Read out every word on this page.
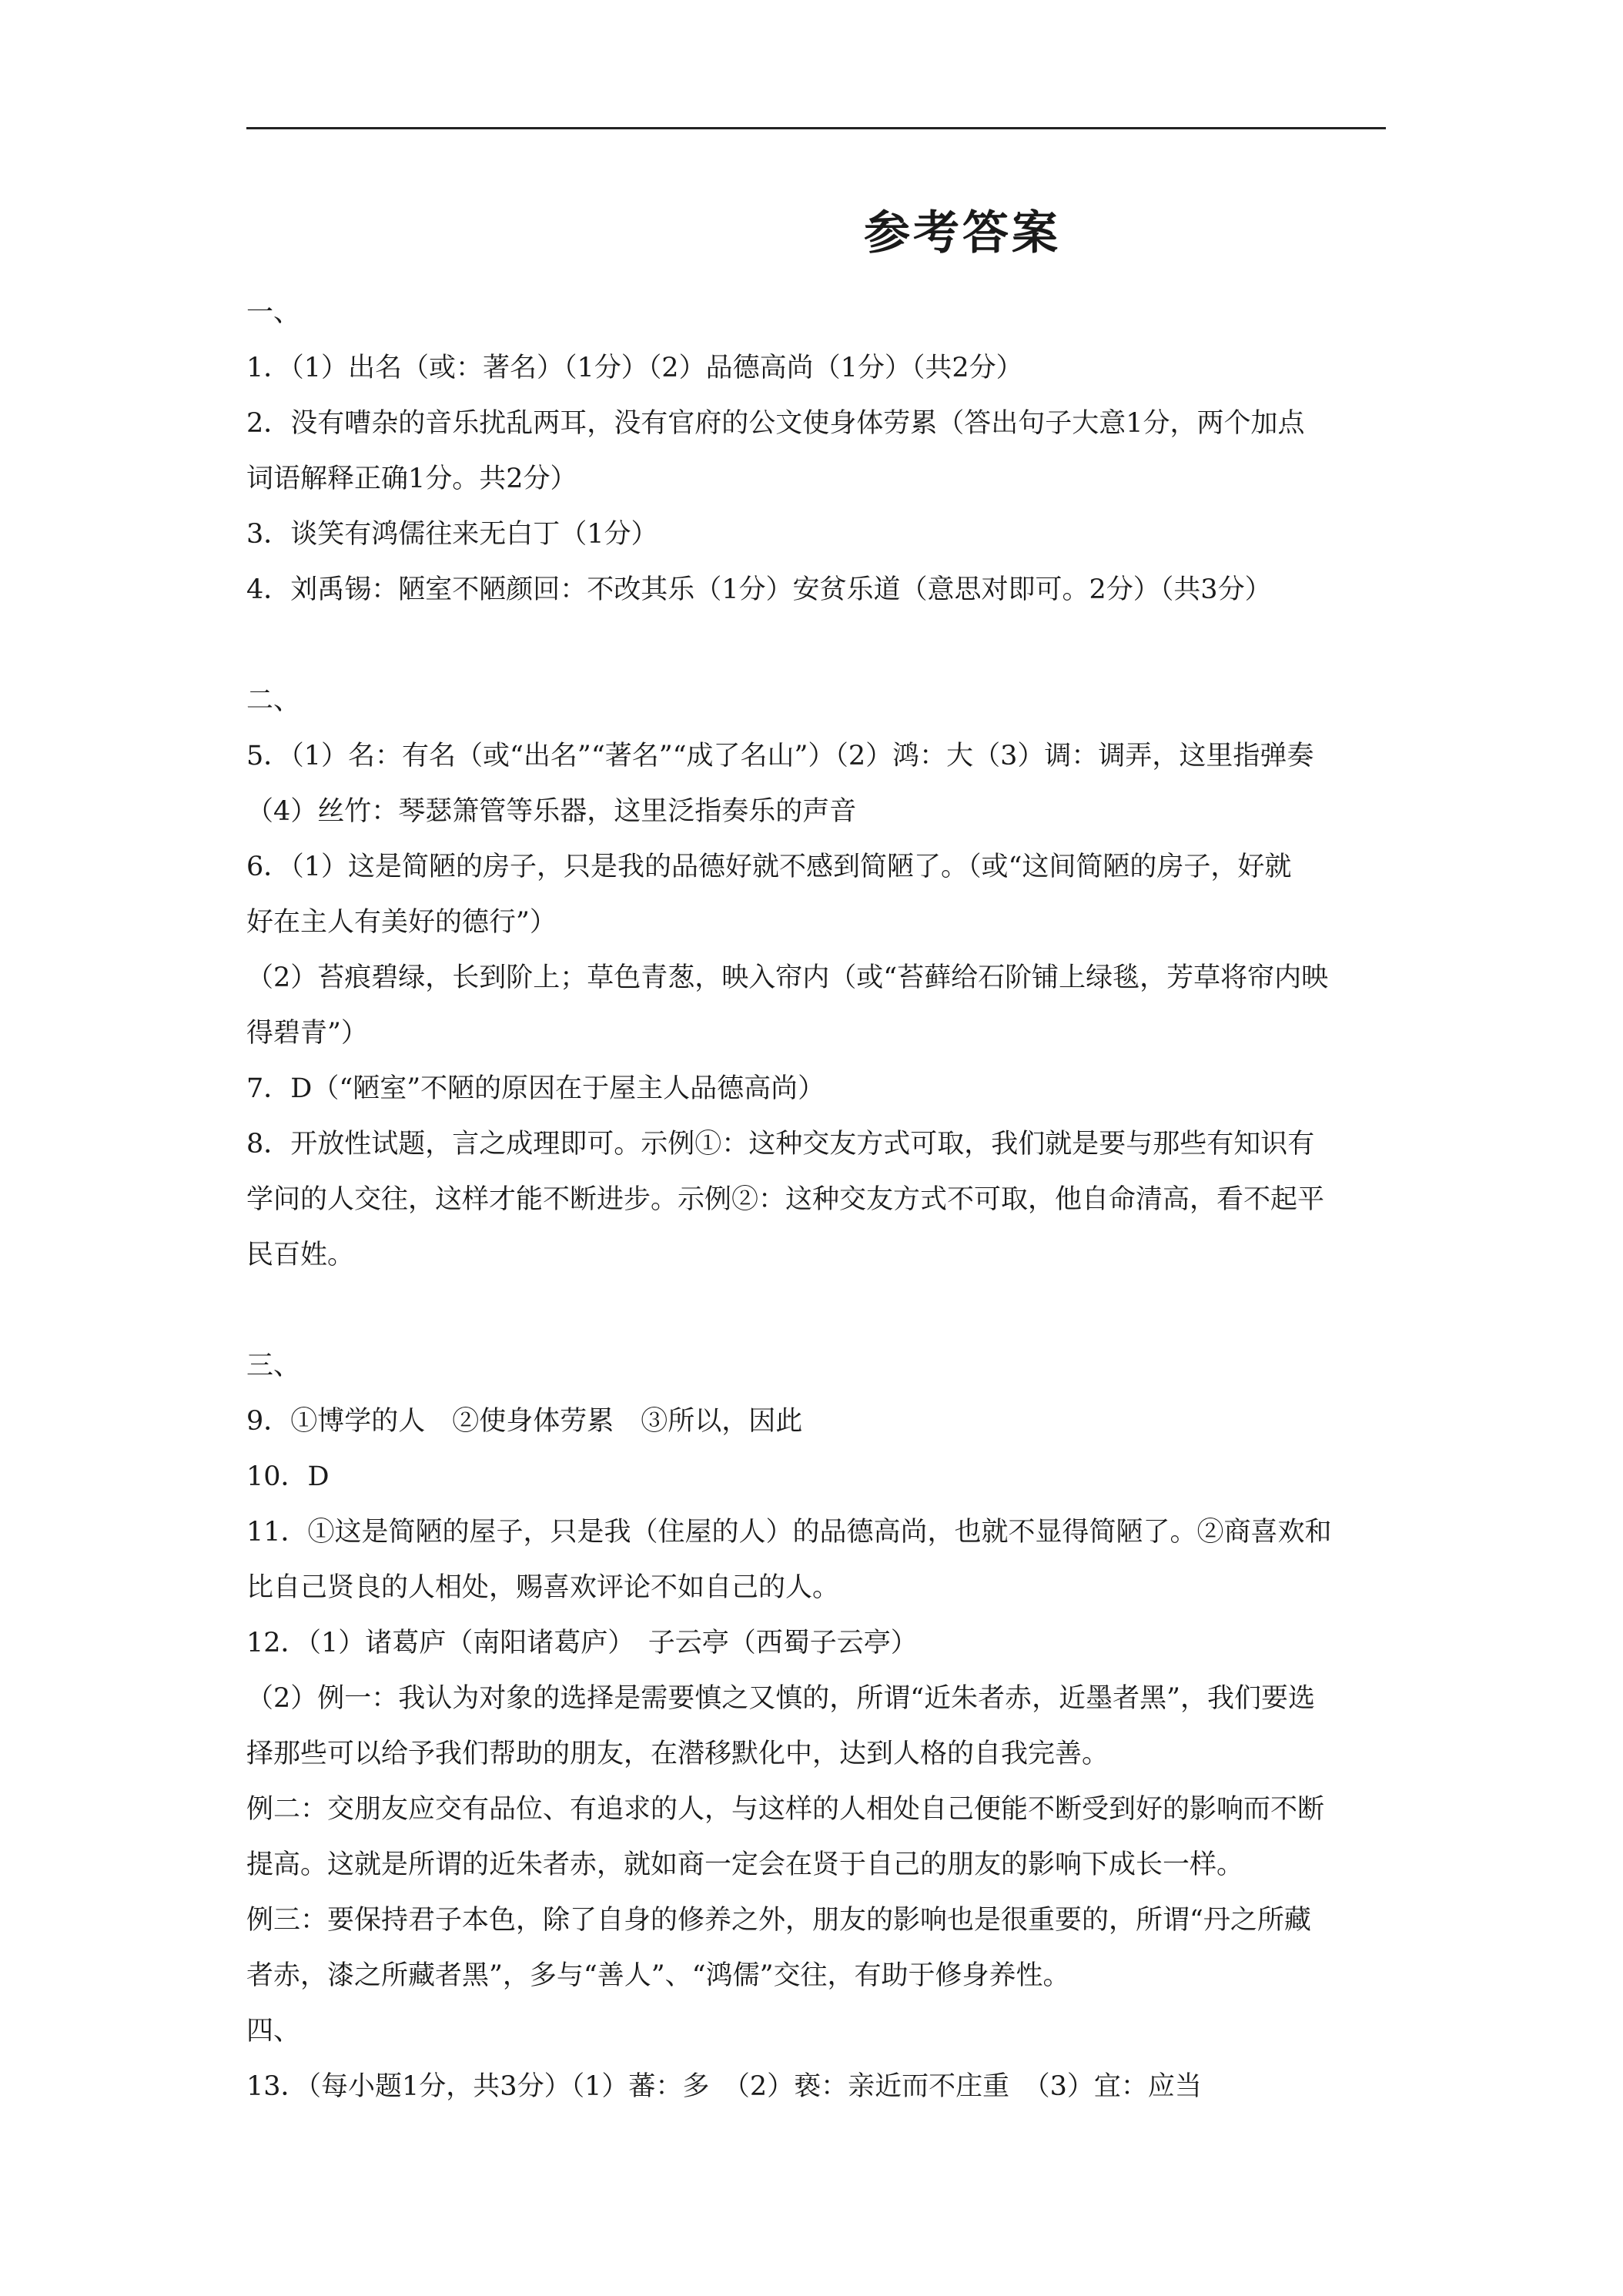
参考答案

一、

1．（1）出名（或：著名）（1分）（2）品德高尚（1分）（共2分）

2．没有嘈杂的音乐扰乱两耳，没有官府的公文使身体劳累（答出句子大意1分，两个加点

词语解释正确1分。共2分）

3．谈笑有鸿儒往来无白丁（1分）

4．刘禹锡：陋室不陋颜回：不改其乐（1分）安贫乐道（意思对即可。2分）（共3分）

二、

5．（1）名：有名（或“出名”“著名”“成了名山”）（2）鸿：大（3）调：调弄，这里指弹奏

（4）丝竹：琴瑟箫管等乐器，这里泛指奏乐的声音

6．（1）这是简陋的房子，只是我的品德好就不感到简陋了。（或“这间简陋的房子，好就

好在主人有美好的德行”）

（2）苔痕碧绿，长到阶上；草色青葱，映入帘内（或“苔藓给石阶铺上绿毯，芳草将帘内映

得碧青”）

7．D（“陋室”不陋的原因在于屋主人品德高尚）

8．开放性试题，言之成理即可。示例①：这种交友方式可取，我们就是要与那些有知识有

学问的人交往，这样才能不断进步。示例②：这种交友方式不可取，他自命清高，看不起平

民百姓。

三、

9．①博学的人　②使身体劳累　③所以，因此

10．D

11．①这是简陋的屋子，只是我（住屋的人）的品德高尚，也就不显得简陋了。②商喜欢和

比自己贤良的人相处，赐喜欢评论不如自己的人。

12．（1）诸葛庐（南阳诸葛庐）　子云亭（西蜀子云亭）

（2）例一：我认为对象的选择是需要慎之又慎的，所谓“近朱者赤，近墨者黑”，我们要选

择那些可以给予我们帮助的朋友，在潜移默化中，达到人格的自我完善。

例二：交朋友应交有品位、有追求的人，与这样的人相处自己便能不断受到好的影响而不断

提高。这就是所谓的近朱者赤，就如商一定会在贤于自己的朋友的影响下成长一样。

例三：要保持君子本色，除了自身的修养之外，朋友的影响也是很重要的，所谓“丹之所藏

者赤，漆之所藏者黑”，多与“善人”、“鸿儒”交往，有助于修身养性。

四、

13．（每小题1分，共3分）（1）蕃：多　（2）亵：亲近而不庄重　（3）宜：应当
